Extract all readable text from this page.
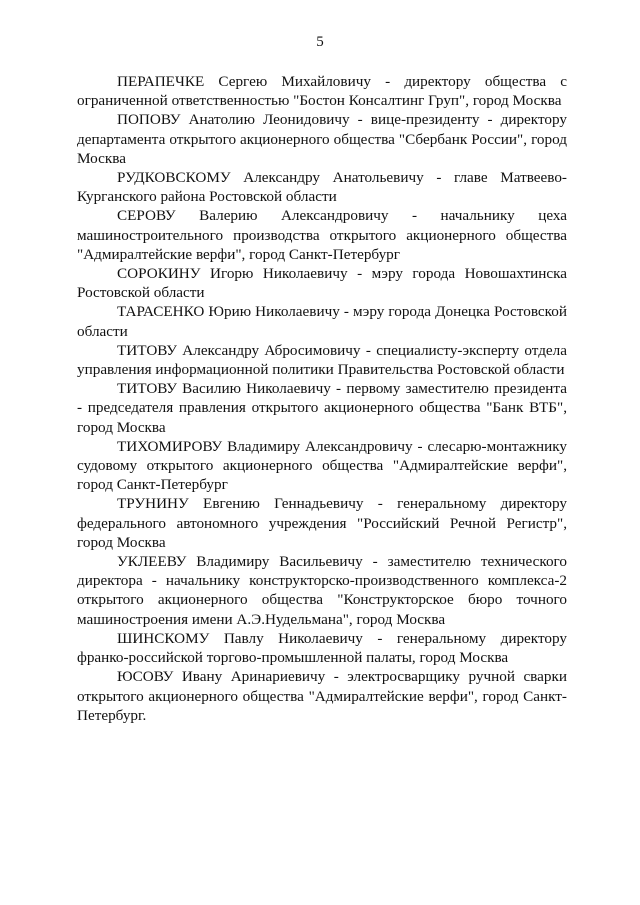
5

ПЕРАПЕЧКЕ Сергею Михайловичу - директору общества с ограниченной ответственностью "Бостон Консалтинг Груп", город Москва

ПОПОВУ Анатолию Леонидовичу - вице-президенту - директору департамента открытого акционерного общества "Сбербанк России", город Москва

РУДКОВСКОМУ Александру Анатольевичу - главе Матвеево-Курганского района Ростовской области

СЕРОВУ Валерию Александровичу - начальнику цеха машиностроительного производства открытого акционерного общества "Адмиралтейские верфи", город Санкт-Петербург

СОРОКИНУ Игорю Николаевичу - мэру города Новошахтинска Ростовской области

ТАРАСЕНКО Юрию Николаевичу - мэру города Донецка Ростовской области

ТИТОВУ Александру Абросимовичу - специалисту-эксперту отдела управления информационной политики Правительства Ростовской области

ТИТОВУ Василию Николаевичу - первому заместителю президента - председателя правления открытого акционерного общества "Банк ВТБ", город Москва

ТИХОМИРОВУ Владимиру Александровичу - слесарю-монтажнику судовому открытого акционерного общества "Адмиралтейские верфи", город Санкт-Петербург

ТРУНИНУ Евгению Геннадьевичу - генеральному директору федерального автономного учреждения "Российский Речной Регистр", город Москва

УКЛЕЕВУ Владимиру Васильевичу - заместителю технического директора - начальнику конструкторско-производственного комплекса-2 открытого акционерного общества "Конструкторское бюро точного машиностроения имени А.Э.Нудельмана", город Москва

ШИНСКОМУ Павлу Николаевичу - генеральному директору франко-российской торгово-промышленной палаты, город Москва

ЮСОВУ Ивану Аринариевичу - электросварщику ручной сварки открытого акционерного общества "Адмиралтейские верфи", город Санкт-Петербург.
